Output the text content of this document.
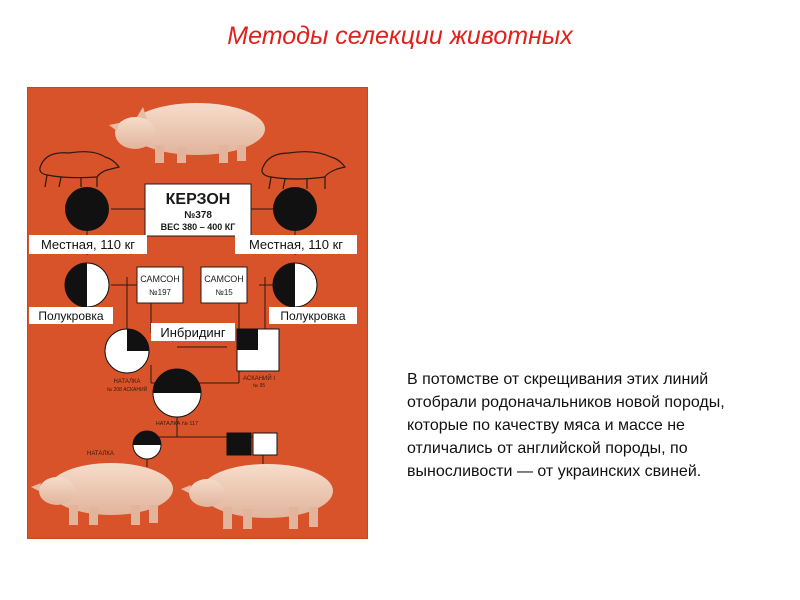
Методы селекции животных
КЕРЗОН
№378
ВЕС 380 – 400 КГ
Местная, 110 кг	Местная, 110 кг
САМСОН
№197
САМСОН
№15
Полукровка	Полукровка
Инбридинг
НАТАЛКА
№ 208 АСКАНИЙ
АСКАНИЙ I
№ 95
НАТАЛКА № 117
НАТАЛКА
В потомстве от скрещивания этих линий отобрали родоначальников новой породы, которые по качеству мяса и массе не отличались от английской породы, по выносливости — от украинских свиней.
